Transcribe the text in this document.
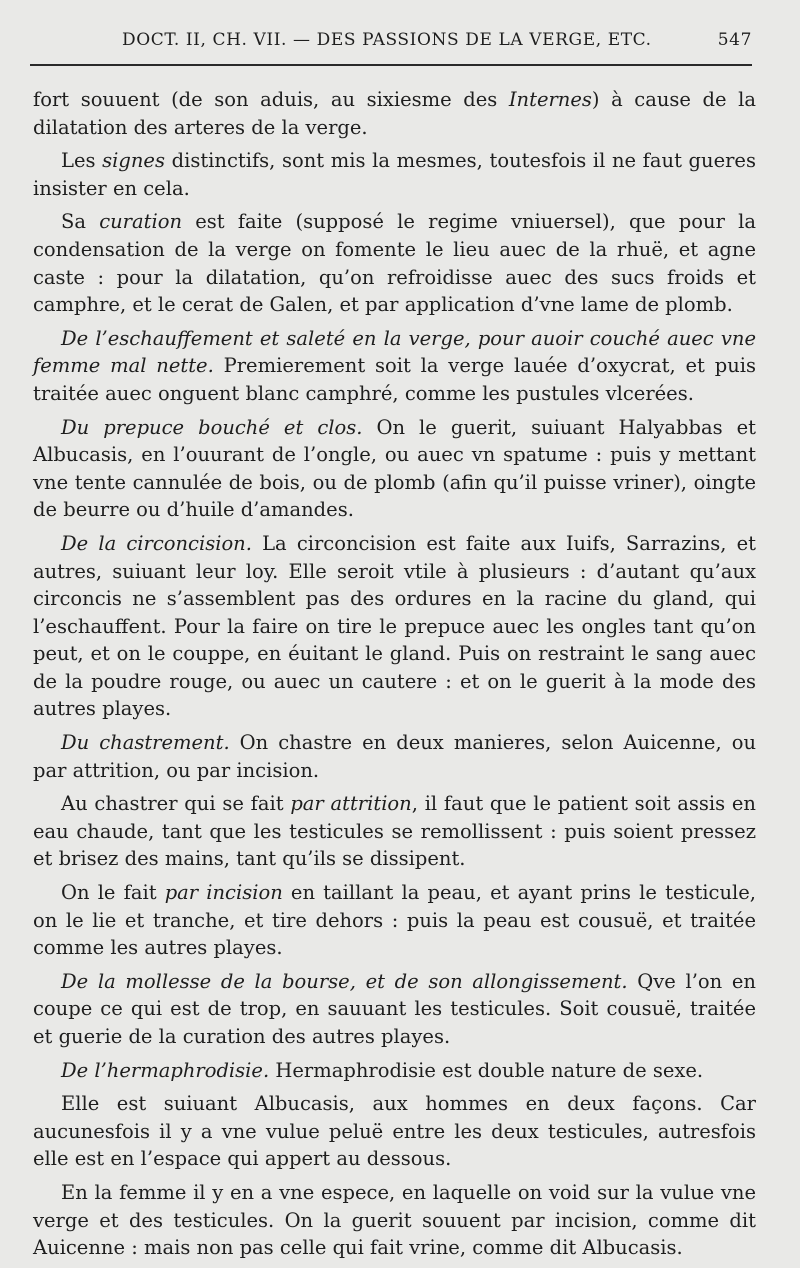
DOCT. II, CH. VII. — DES PASSIONS DE LA VERGE, ETC.	547

fort souuent (de son aduis, au sixiesme des Internes) à cause de la dilatation des arteres de la verge.

Les signes distinctifs, sont mis la mesmes, toutesfois il ne faut gueres insister en cela.

Sa curation est faite (supposé le regime vniuersel), que pour la condensation de la verge on fomente le lieu auec de la rhuë, et agne caste : pour la dilatation, qu’on refroidisse auec des sucs froids et camphre, et le cerat de Galen, et par application d’vne lame de plomb.

De l’eschauffement et saleté en la verge, pour auoir couché auec vne femme mal nette. Premierement soit la verge lauée d’oxycrat, et puis traitée auec onguent blanc camphré, comme les pustules vlcerées.

Du prepuce bouché et clos. On le guerit, suiuant Halyabbas et Albucasis, en l’ouurant de l’ongle, ou auec vn spatume : puis y mettant vne tente cannulée de bois, ou de plomb (afin qu’il puisse vriner), oingte de beurre ou d’huile d’amandes.

De la circoncision. La circoncision est faite aux Iuifs, Sarrazins, et autres, suiuant leur loy. Elle seroit vtile à plusieurs : d’autant qu’aux circoncis ne s’assemblent pas des ordures en la racine du gland, qui l’eschauffent. Pour la faire on tire le prepuce auec les ongles tant qu’on peut, et on le couppe, en éuitant le gland. Puis on restraint le sang auec de la poudre rouge, ou auec un cautere : et on le guerit à la mode des autres playes.

Du chastrement. On chastre en deux manieres, selon Auicenne, ou par attrition, ou par incision.

Au chastrer qui se fait par attrition, il faut que le patient soit assis en eau chaude, tant que les testicules se remollissent : puis soient pressez et brisez des mains, tant qu’ils se dissipent.

On le fait par incision en taillant la peau, et ayant prins le testicule, on le lie et tranche, et tire dehors : puis la peau est cousuë, et traitée comme les autres playes.

De la mollesse de la bourse, et de son allongissement. Qve l’on en coupe ce qui est de trop, en sauuant les testicules. Soit cousuë, traitée et guerie de la curation des autres playes.

De l’hermaphrodisie. Hermaphrodisie est double nature de sexe.

Elle est suiuant Albucasis, aux hommes en deux façons. Car aucunesfois il y a vne vulue peluë entre les deux testicules, autresfois elle est en l’espace qui appert au dessous.

En la femme il y en a vne espece, en laquelle on void sur la vulue vne verge et des testicules. On la guerit souuent par incision, comme dit Auicenne : mais non pas celle qui fait vrine, comme dit Albucasis.
